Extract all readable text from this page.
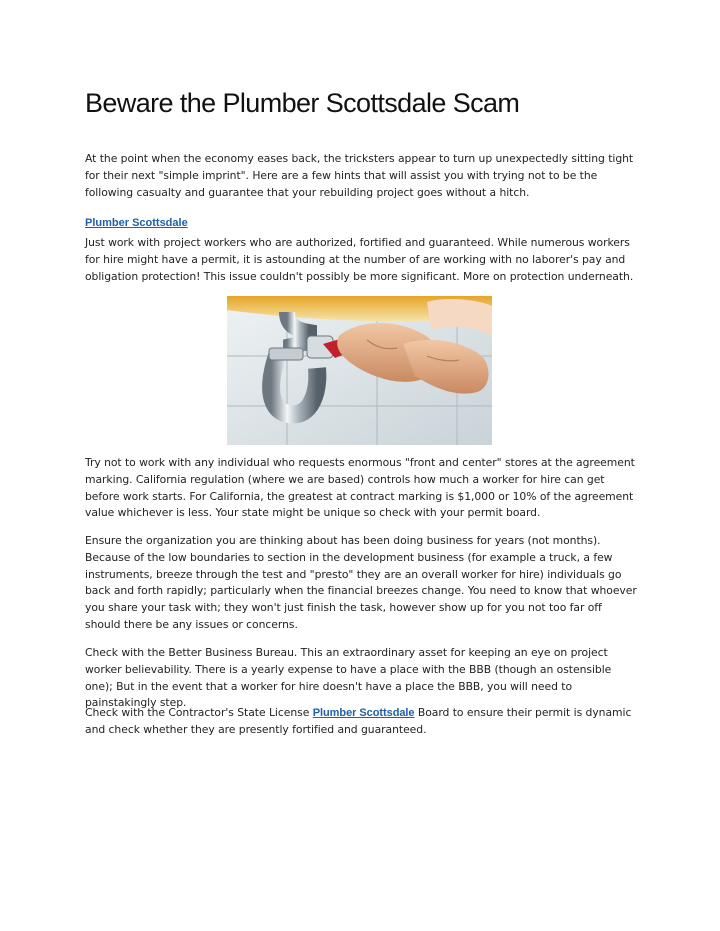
Beware the Plumber Scottsdale Scam

At the point when the economy eases back, the tricksters appear to turn up unexpectedly sitting tight for their next "simple imprint". Here are a few hints that will assist you with trying not to be the following casualty and guarantee that your rebuilding project goes without a hitch.

Plumber Scottsdale

Just work with project workers who are authorized, fortified and guaranteed. While numerous workers for hire might have a permit, it is astounding at the number of are working with no laborer's pay and obligation protection! This issue couldn't possibly be more significant. More on protection underneath.

Try not to work with any individual who requests enormous "front and center" stores at the agreement marking. California regulation (where we are based) controls how much a worker for hire can get before work starts. For California, the greatest at contract marking is $1,000 or 10% of the agreement value whichever is less. Your state might be unique so check with your permit board.

Ensure the organization you are thinking about has been doing business for years (not months). Because of the low boundaries to section in the development business (for example a truck, a few instruments, breeze through the test and "presto" they are an overall worker for hire) individuals go back and forth rapidly; particularly when the financial breezes change. You need to know that whoever you share your task with; they won't just finish the task, however show up for you not too far off should there be any issues or concerns.

Check with the Better Business Bureau. This an extraordinary asset for keeping an eye on project worker believability. There is a yearly expense to have a place with the BBB (though an ostensible one); But in the event that a worker for hire doesn't have a place the BBB, you will need to painstakingly step.

Check with the Contractor's State License Plumber Scottsdale Board to ensure their permit is dynamic and check whether they are presently fortified and guaranteed.
